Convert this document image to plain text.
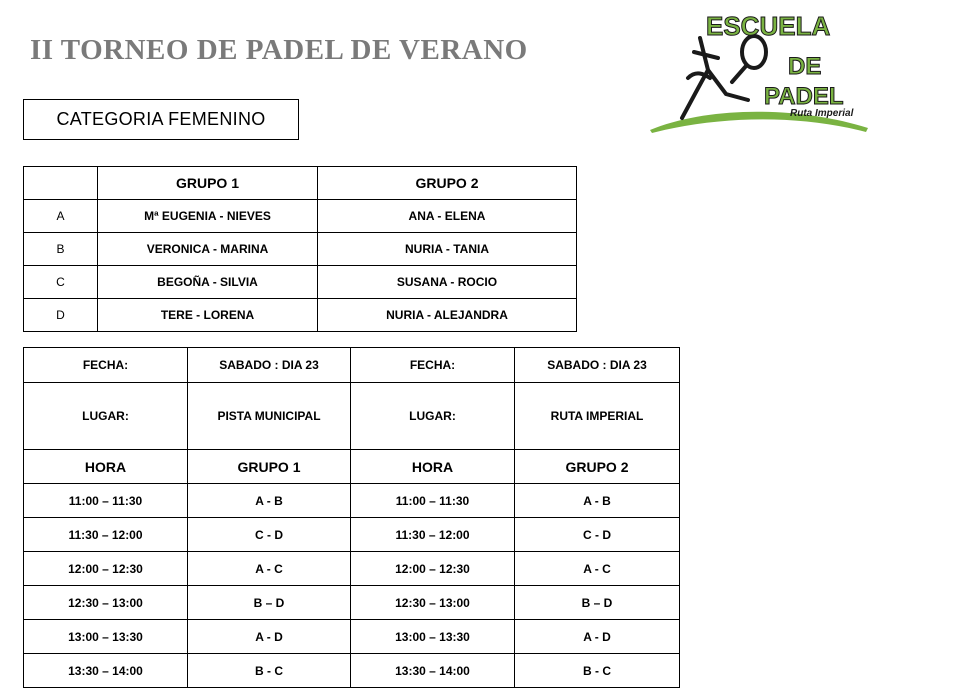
II TORNEO DE PADEL DE VERANO
CATEGORIA FEMENINO
ESCUELA
DE
PADEL
Ruta Imperial
	GRUPO 1	GRUPO 2
A	Mª EUGENIA - NIEVES	ANA - ELENA
B	VERONICA - MARINA	NURIA - TANIA
C	BEGOÑA - SILVIA	SUSANA - ROCIO
D	TERE - LORENA	NURIA - ALEJANDRA
FECHA:	SABADO : DIA 23	FECHA:	SABADO : DIA 23
LUGAR:	PISTA MUNICIPAL	LUGAR:	RUTA IMPERIAL
HORA	GRUPO 1	HORA	GRUPO 2
11:00 – 11:30	A - B	11:00 – 11:30	A - B
11:30 – 12:00	C - D	11:30 – 12:00	C - D
12:00 – 12:30	A - C	12:00 – 12:30	A - C
12:30 – 13:00	B – D	12:30 – 13:00	B – D
13:00 – 13:30	A - D	13:00 – 13:30	A - D
13:30 – 14:00	B - C	13:30 – 14:00	B - C
